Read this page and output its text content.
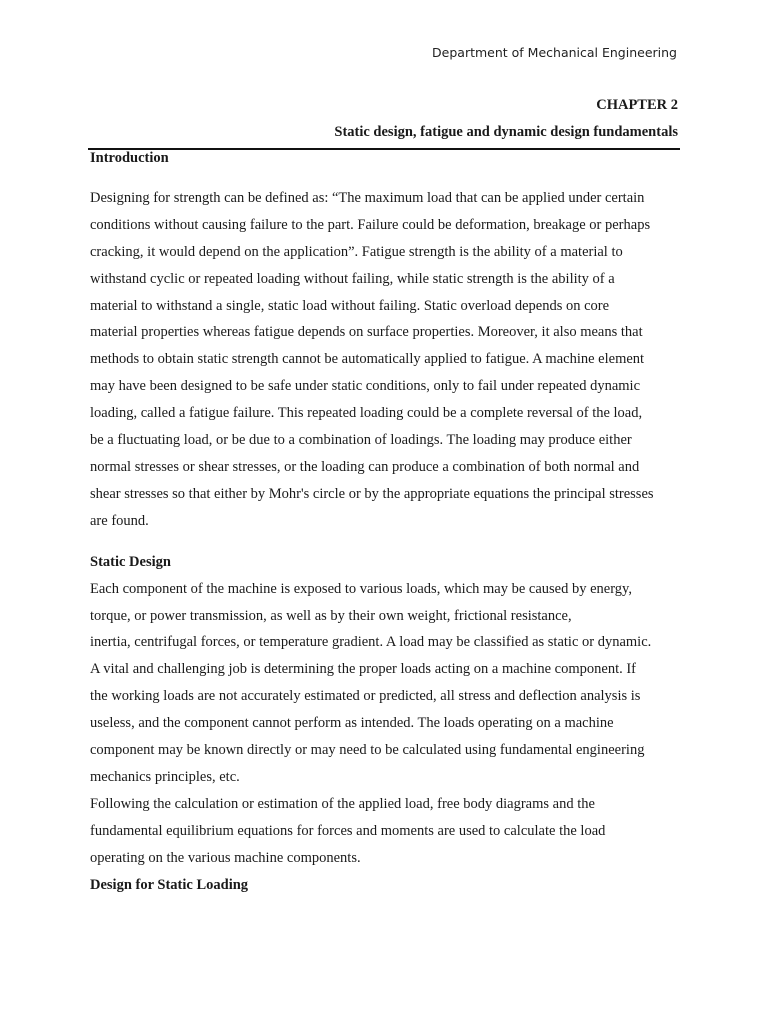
Department of Mechanical Engineering
CHAPTER 2
Static design, fatigue and dynamic design fundamentals

Introduction

Designing for strength can be defined as: “The maximum load that can be applied under certain
conditions without causing failure to the part. Failure could be deformation, breakage or perhaps
cracking, it would depend on the application”. Fatigue strength is the ability of a material to
withstand cyclic or repeated loading without failing, while static strength is the ability of a
material to withstand a single, static load without failing. Static overload depends on core
material properties whereas fatigue depends on surface properties. Moreover, it also means that
methods to obtain static strength cannot be automatically applied to fatigue. A machine element
may have been designed to be safe under static conditions, only to fail under repeated dynamic
loading, called a fatigue failure. This repeated loading could be a complete reversal of the load,
be a fluctuating load, or be due to a combination of loadings. The loading may produce either
normal stresses or shear stresses, or the loading can produce a combination of both normal and
shear stresses so that either by Mohr's circle or by the appropriate equations the principal stresses
are found.

Static Design

Each component of the machine is exposed to various loads, which may be caused by energy,
torque, or power transmission, as well as by their own weight, frictional resistance,
inertia, centrifugal forces, or temperature gradient. A load may be classified as static or dynamic.
A vital and challenging job is determining the proper loads acting on a machine component. If
the working loads are not accurately estimated or predicted, all stress and deflection analysis is
useless, and the component cannot perform as intended. The loads operating on a machine
component may be known directly or may need to be calculated using fundamental engineering
mechanics principles, etc.

Following the calculation or estimation of the applied load, free body diagrams and the
fundamental equilibrium equations for forces and moments are used to calculate the load
operating on the various machine components.

Design for Static Loading
